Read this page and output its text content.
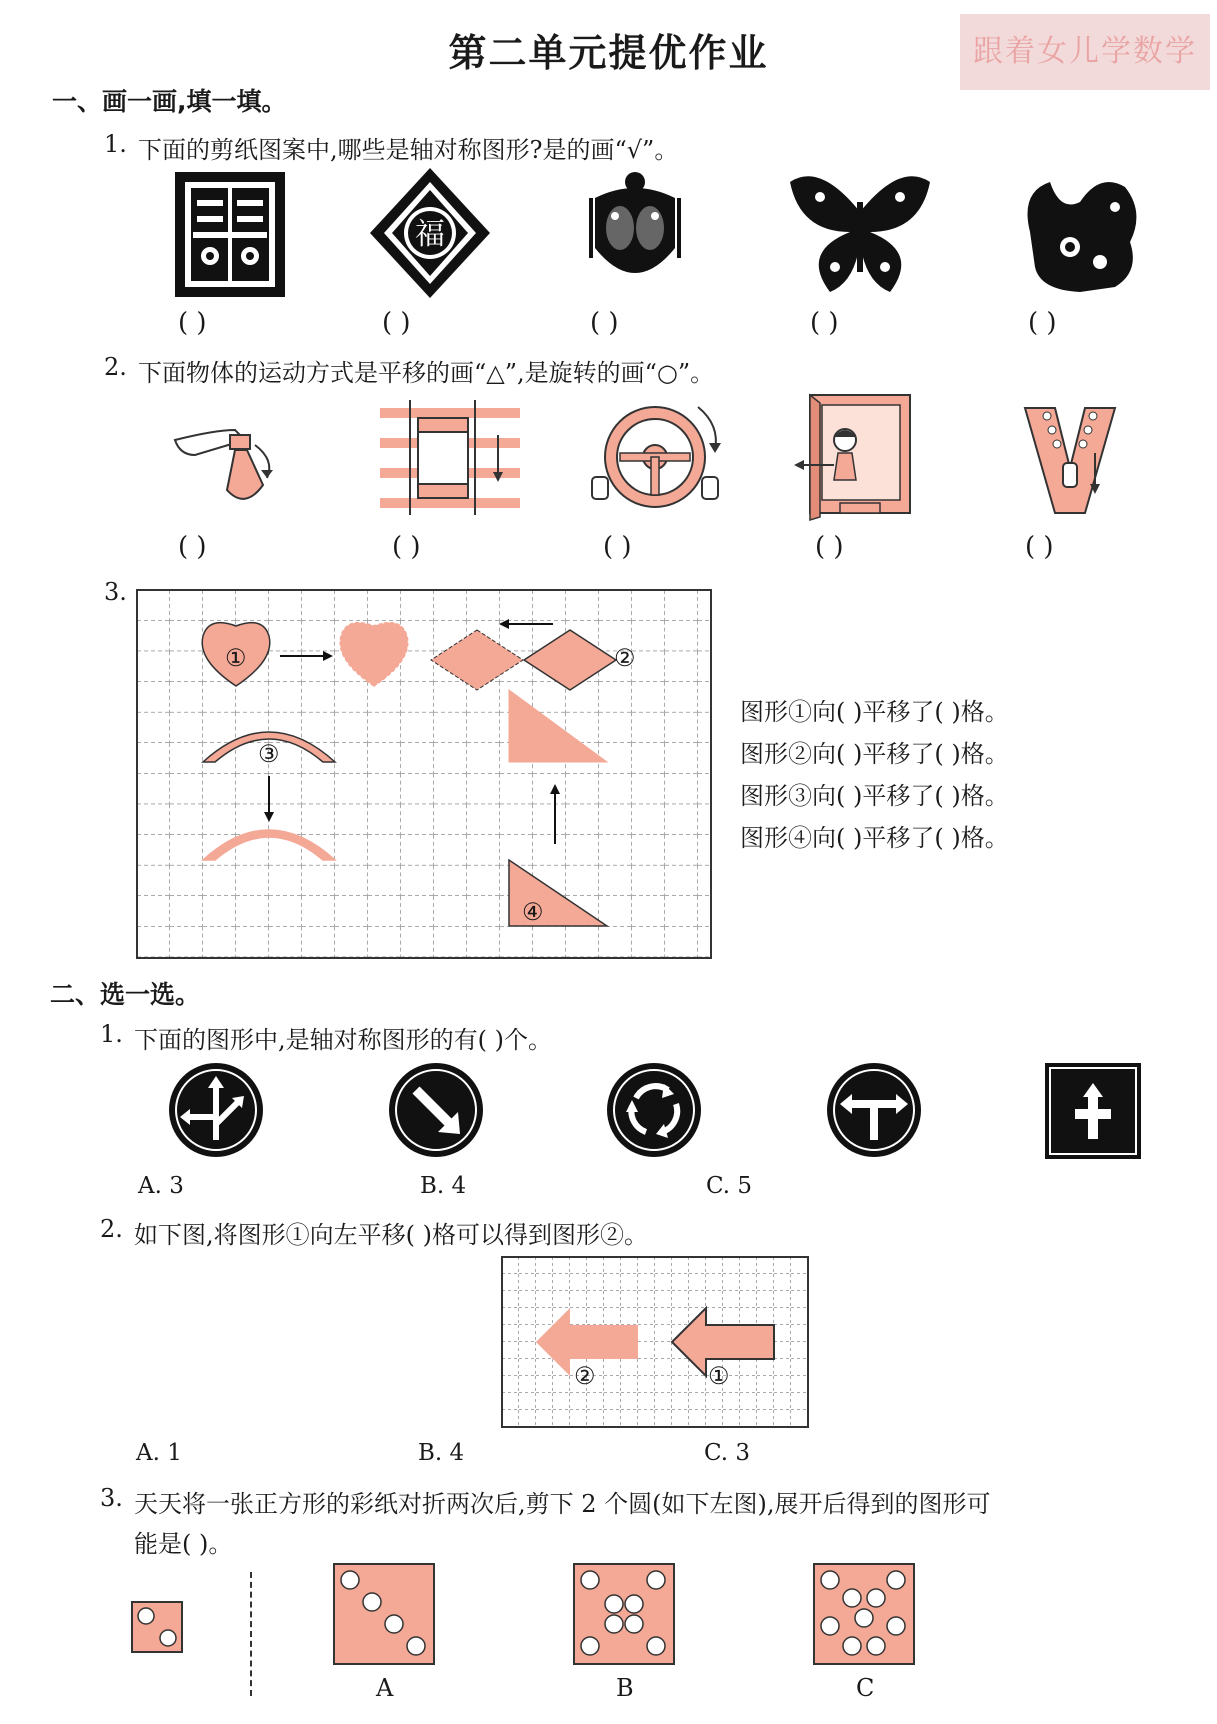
第二单元提优作业	跟着女儿学数学
一、画一画,填一填。
1. 下面的剪纸图案中,哪些是轴对称图形?是的画“√”。
福
( )	( )	( )	( )	( )
2. 下面物体的运动方式是平移的画“△”,是旋转的画“○”。
( )	( )	( )	( )	( )
3.
①	②
③
④
图形①向( )平移了( )格。
图形②向( )平移了( )格。
图形③向( )平移了( )格。
图形④向( )平移了( )格。
二、选一选。
1. 下面的图形中,是轴对称图形的有( )个。
A. 3	B. 4	C. 5
2. 如下图,将图形①向左平移( )格可以得到图形②。
②	①
A. 1	B. 4	C. 3
3. 天天将一张正方形的彩纸对折两次后,剪下 2 个圆(如下左图),展开后得到的图形可
能是( )。
A	B	C
